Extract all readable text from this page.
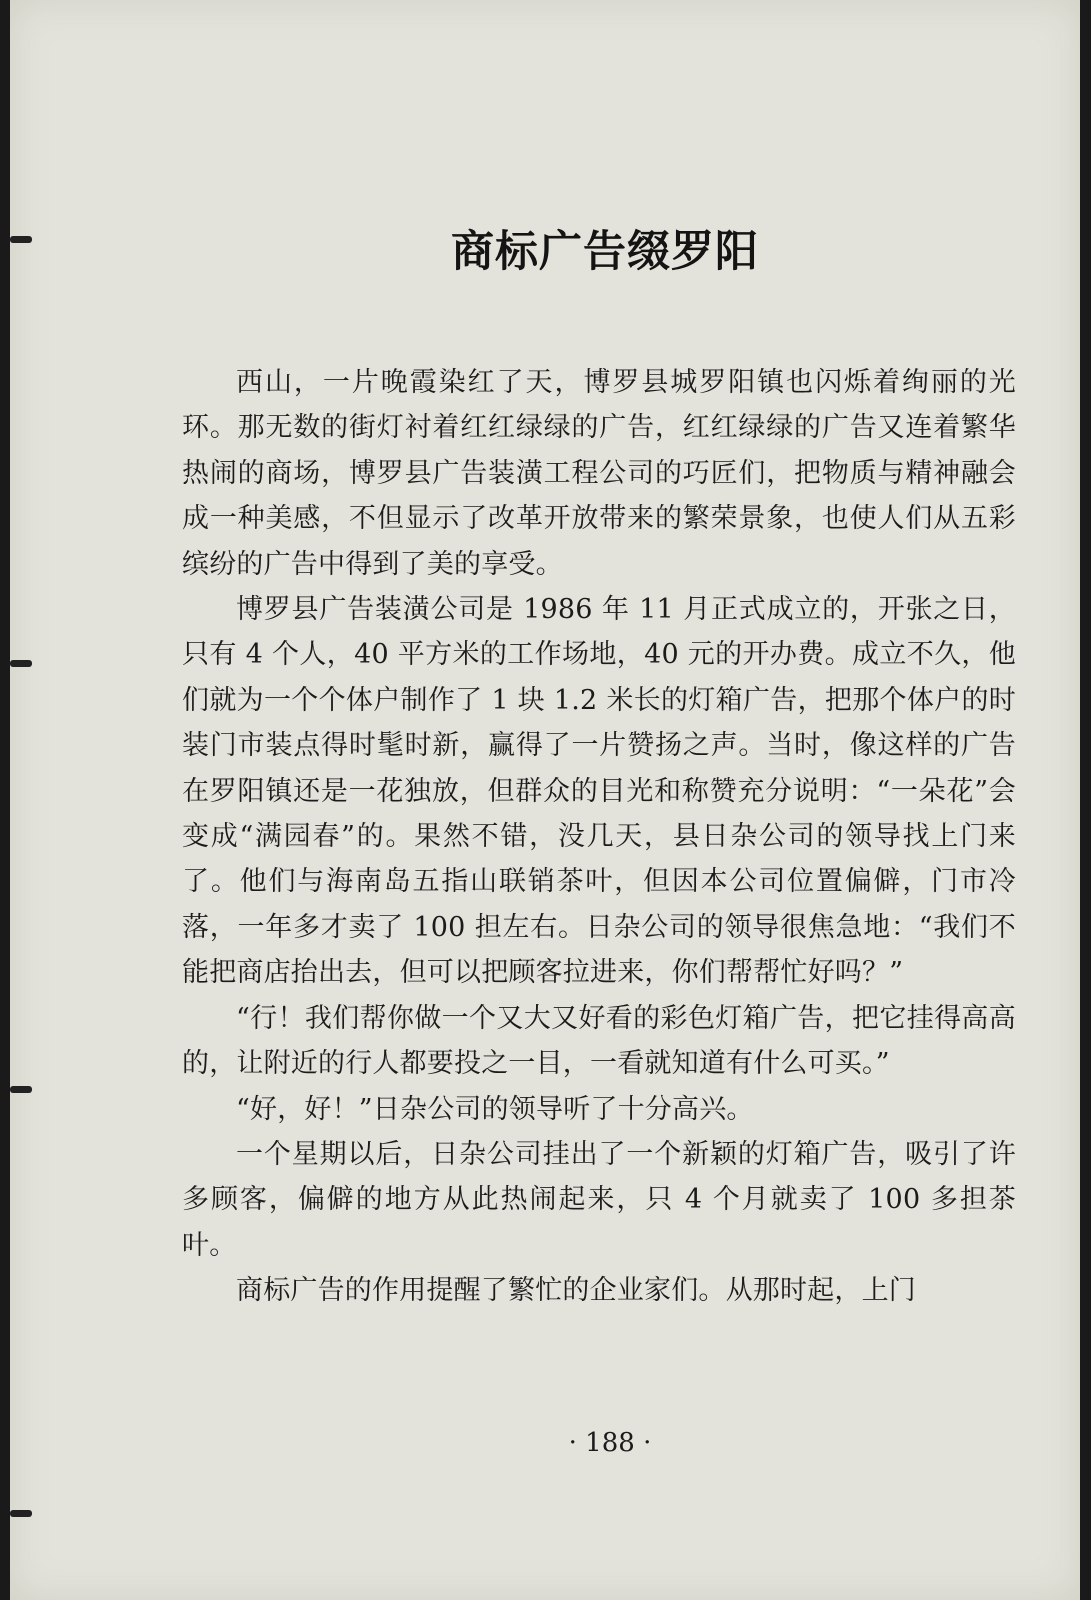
商标广告缀罗阳

西山，一片晚霞染红了天，博罗县城罗阳镇也闪烁着绚丽的光环。那无数的街灯衬着红红绿绿的广告，红红绿绿的广告又连着繁华热闹的商场，博罗县广告装潢工程公司的巧匠们，把物质与精神融会成一种美感，不但显示了改革开放带来的繁荣景象，也使人们从五彩缤纷的广告中得到了美的享受。

博罗县广告装潢公司是 1986 年 11 月正式成立的，开张之日，只有 4 个人，40 平方米的工作场地，40 元的开办费。成立不久，他们就为一个个体户制作了 1 块 1.2 米长的灯箱广告，把那个体户的时装门市装点得时髦时新，赢得了一片赞扬之声。当时，像这样的广告在罗阳镇还是一花独放，但群众的目光和称赞充分说明：“一朵花”会变成“满园春”的。果然不错，没几天，县日杂公司的领导找上门来了。他们与海南岛五指山联销茶叶，但因本公司位置偏僻，门市冷落，一年多才卖了 100 担左右。日杂公司的领导很焦急地：“我们不能把商店抬出去，但可以把顾客拉进来，你们帮帮忙好吗？”

“行！我们帮你做一个又大又好看的彩色灯箱广告，把它挂得高高的，让附近的行人都要投之一目，一看就知道有什么可买。”

“好，好！”日杂公司的领导听了十分高兴。

一个星期以后，日杂公司挂出了一个新颖的灯箱广告，吸引了许多顾客，偏僻的地方从此热闹起来，只 4 个月就卖了 100 多担茶叶。

商标广告的作用提醒了繁忙的企业家们。从那时起，上门

· 188 ·
